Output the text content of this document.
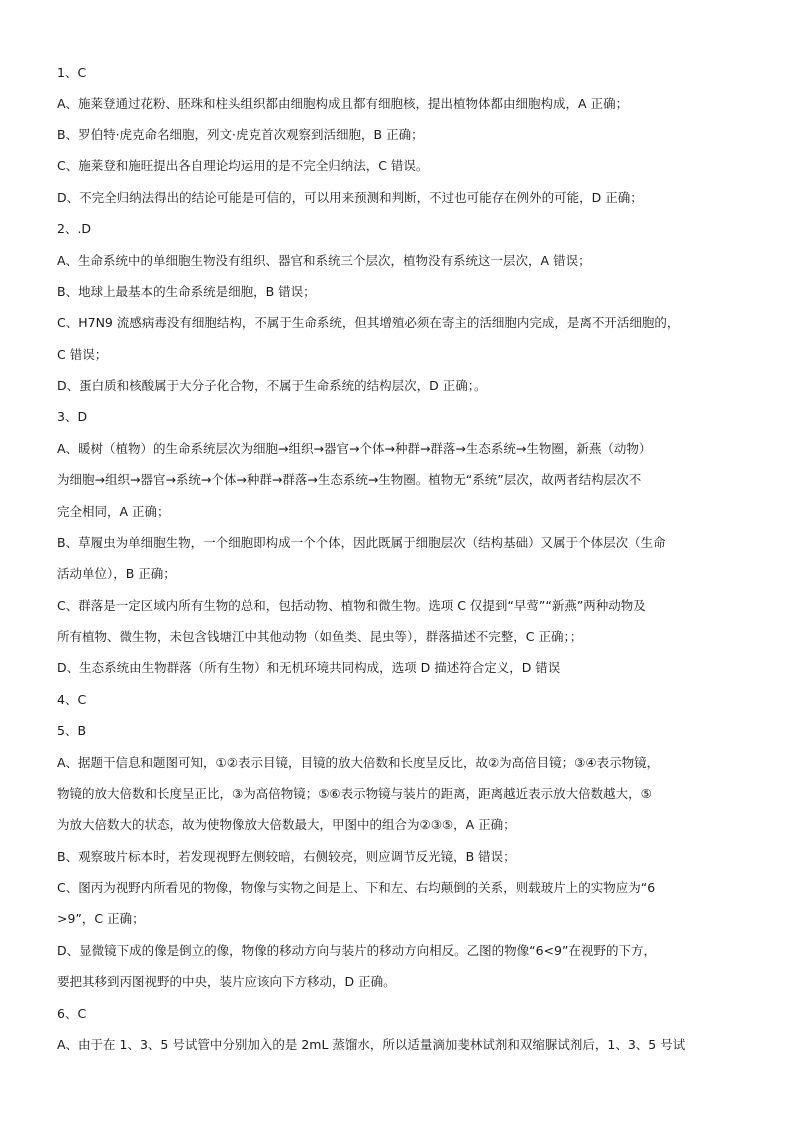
1、C
A、施莱登通过花粉、胚珠和柱头组织都由细胞构成且都有细胞核，提出植物体都由细胞构成，A 正确；
B、罗伯特·虎克命名细胞，列文·虎克首次观察到活细胞，B 正确；
C、施莱登和施旺提出各自理论均运用的是不完全归纳法，C 错误。
D、不完全归纳法得出的结论可能是可信的，可以用来预测和判断，不过也可能存在例外的可能，D 正确；
2、.D
A、生命系统中的单细胞生物没有组织、器官和系统三个层次，植物没有系统这一层次，A 错误；
B、地球上最基本的生命系统是细胞，B 错误；
C、H7N9 流感病毒没有细胞结构，不属于生命系统，但其增殖必须在寄主的活细胞内完成，是离不开活细胞的，
C 错误；
D、蛋白质和核酸属于大分子化合物，不属于生命系统的结构层次，D 正确；。
3、D
A、暖树（植物）的生命系统层次为细胞→组织→器官→个体→种群→群落→生态系统→生物圈，新燕（动物）
为细胞→组织→器官→系统→个体→种群→群落→生态系统→生物圈。植物无“系统”层次，故两者结构层次不
完全相同，A 正确；
B、草履虫为单细胞生物，一个细胞即构成一个个体，因此既属于细胞层次（结构基础）又属于个体层次（生命
活动单位），B 正确；
C、群落是一定区域内所有生物的总和，包括动物、植物和微生物。选项 C 仅提到“早莺”“新燕”两种动物及
所有植物、微生物，未包含钱塘江中其他动物（如鱼类、昆虫等），群落描述不完整，C 正确；；
D、生态系统由生物群落（所有生物）和无机环境共同构成，选项 D 描述符合定义，D 错误
4、C
5、B
A、据题干信息和题图可知，①②表示目镜，目镜的放大倍数和长度呈反比，故②为高倍目镜；③④表示物镜，
物镜的放大倍数和长度呈正比，③为高倍物镜；⑤⑥表示物镜与装片的距离，距离越近表示放大倍数越大，⑤
为放大倍数大的状态，故为使物像放大倍数最大，甲图中的组合为②③⑤，A 正确；
B、观察玻片标本时，若发现视野左侧较暗，右侧较亮，则应调节反光镜，B 错误；
C、图丙为视野内所看见的物像，物像与实物之间是上、下和左、右均颠倒的关系，则载玻片上的实物应为“6
>9”，C 正确；
D、显微镜下成的像是倒立的像，物像的移动方向与装片的移动方向相反。乙图的物像“6<9”在视野的下方，
要把其移到丙图视野的中央，装片应该向下方移动，D 正确。
6、C
A、由于在 1、3、5 号试管中分别加入的是 2mL 蒸馏水，所以适量滴加斐林试剂和双缩脲试剂后，1、3、5 号试
